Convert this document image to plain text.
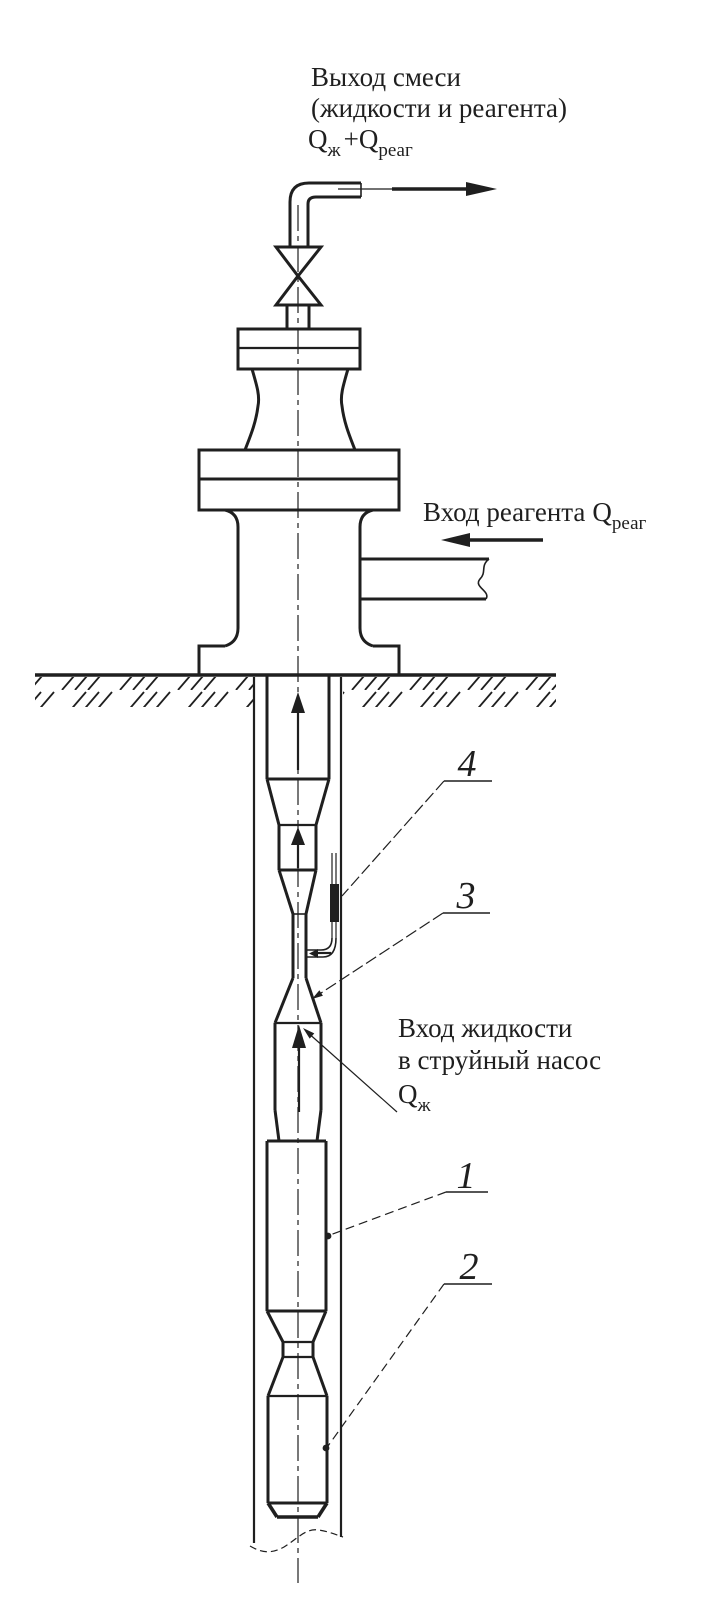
Выход смеси
(жидкости и реагента)
$Q_ж +Q_{реаг}$
Вход реагента $Q_{реаг}$
Вход жидкости
в струйный насос
$Q_ж$
4
3
1
2
